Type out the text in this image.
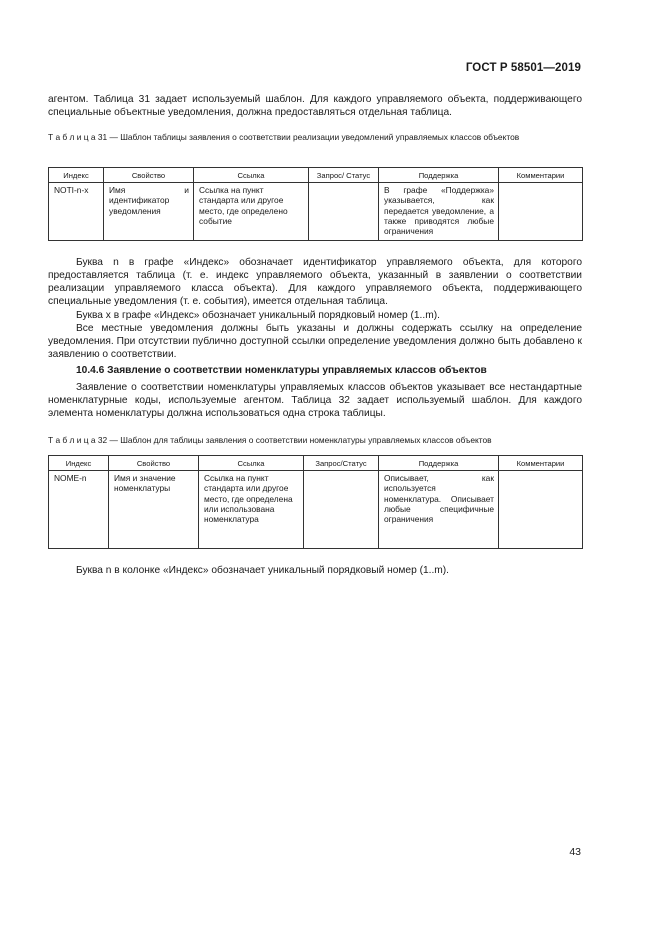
ГОСТ Р 58501—2019

агентом. Таблица 31 задает используемый шаблон. Для каждого управляемого объекта, поддерживающего специальные объектные уведомления, должна предоставляться отдельная таблица.

Т а б л и ц а 31 — Шаблон таблицы заявления о соответствии реализации уведомлений управляемых классов объектов

Индекс	Свойство	Ссылка	Запрос/ Статус	Поддержка	Комментарии
NOTI-n-x	Имя и идентификатор уведомления	Ссылка на пункт стандарта или другое место, где определено событие		В графе «Поддержка» указывается, как передается уведомление, а также приводятся любые ограничения	

Буква n в графе «Индекс» обозначает идентификатор управляемого объекта, для которого предоставляется таблица (т. е. индекс управляемого объекта, указанный в заявлении о соответствии реализации управляемого класса объекта). Для каждого управляемого объекта, поддерживающего специальные уведомления (т. е. события), имеется отдельная таблица.

Буква x в графе «Индекс» обозначает уникальный порядковый номер (1..m).

Все местные уведомления должны быть указаны и должны содержать ссылку на определение уведомления. При отсутствии публично доступной ссылки определение уведомления должно быть добавлено к заявлению о соответствии.

10.4.6 Заявление о соответствии номенклатуры управляемых классов объектов

Заявление о соответствии номенклатуры управляемых классов объектов указывает все нестандартные номенклатурные коды, используемые агентом. Таблица 32 задает используемый шаблон. Для каждого элемента номенклатуры должна использоваться одна строка таблицы.

Т а б л и ц а 32 — Шаблон для таблицы заявления о соответствии номенклатуры управляемых классов объектов

Индекс	Свойство	Ссылка	Запрос/Статус	Поддержка	Комментарии
NOME-n	Имя и значение номенклатуры	Ссылка на пункт стандарта или другое место, где определена или использована номенклатура		Описывает, как используется номенклатура. Описывает любые специфичные ограничения	

Буква n в колонке «Индекс» обозначает уникальный порядковый номер (1..m).

43
